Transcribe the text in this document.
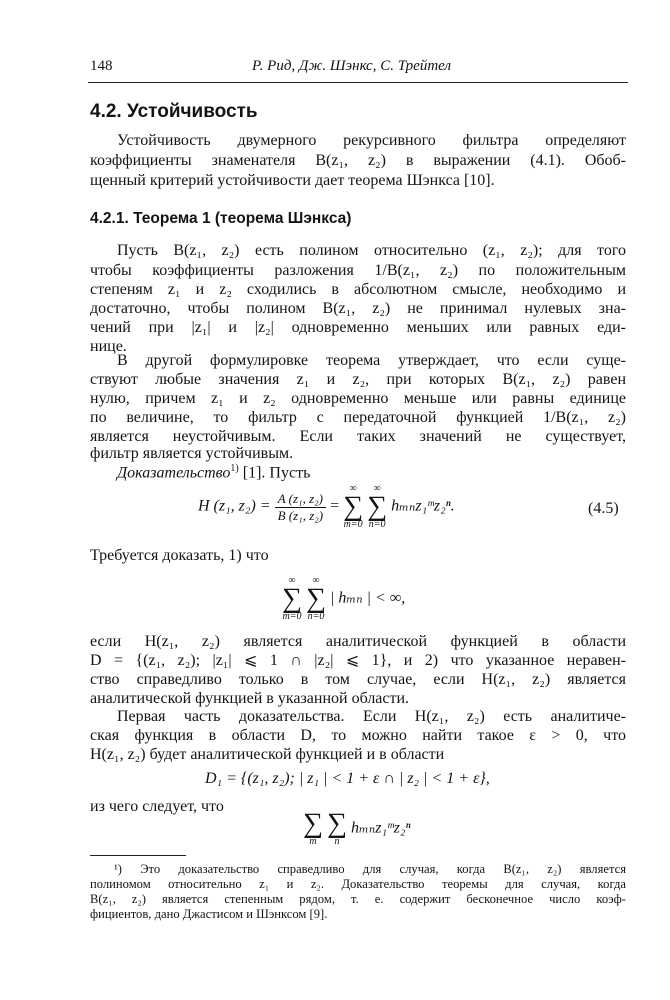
148	Р. Рид, Дж. Шэнкс, С. Трейтел
4.2. Устойчивость
Устойчивость двумерного рекурсивного фильтра определяют
коэффициенты знаменателя B(z₁, z₂) в выражении (4.1). Обоб-
щенный критерий устойчивости дает теорема Шэнкса [10].
4.2.1. Теорема 1 (теорема Шэнкса)
Пусть B(z₁, z₂) есть полином относительно (z₁, z₂); для того
чтобы коэффициенты разложения 1/B(z₁, z₂) по положительным
степеням z₁ и z₂ сходились в абсолютном смысле, необходимо и
достаточно, чтобы полином B(z₁, z₂) не принимал нулевых зна-
чений при |z₁| и |z₂| одновременно меньших или равных еди-
нице.
В другой формулировке теорема утверждает, что если суще-
ствуют любые значения z₁ и z₂, при которых B(z₁, z₂) равен
нулю, причем z₁ и z₂ одновременно меньше или равны единице
по величине, то фильтр с передаточной функцией 1/B(z₁, z₂)
является неустойчивым. Если таких значений не существует,
фильтр является устойчивым.
Доказательство$^{1)}$ [1]. Пусть
H (z₁, $z_2) = \frac{\text{A (z₁, z₂)}}{\text{B (z₁, z₂)}}$ =
∞
∑
m=0

∞
∑
n=0
hₘₙz₁ᵐz₂ⁿ.	(4.5)
Требуется доказать, 1) что
∞
∑
m=0

∞
∑
n=0
| hₘₙ | < ∞,
если H(z₁, z₂) является аналитической функцией в области
D = {(z₁, z₂); |z₁| ⩽ 1 ∩ |z₂| ⩽ 1}, и 2) что указанное неравен-
ство справедливо только в том случае, если H(z₁, z₂) является
аналитической функцией в указанной области.
Первая часть доказательства. Если H(z₁, z₂) есть аналитиче-
ская функция в области D, то можно найти такое ε > 0, что
H(z₁, z₂) будет аналитической функцией и в области
D₁ = {(z₁, z₂); | z₁ | < 1 + ε ∩ | z₂ | < 1 + ε},
из чего следует, что
∑
m

∑
n
hₘₙz₁ᵐz₂ⁿ
¹) Это доказательство справедливо для случая, когда B(z₁, z₂) является
полиномом относительно z₁ и z₂. Доказательство теоремы для случая, когда
B(z₁, z₂) является степенным рядом, т. е. содержит бесконечное число коэф-
фициентов, дано Джастисом и Шэнксом [9].
